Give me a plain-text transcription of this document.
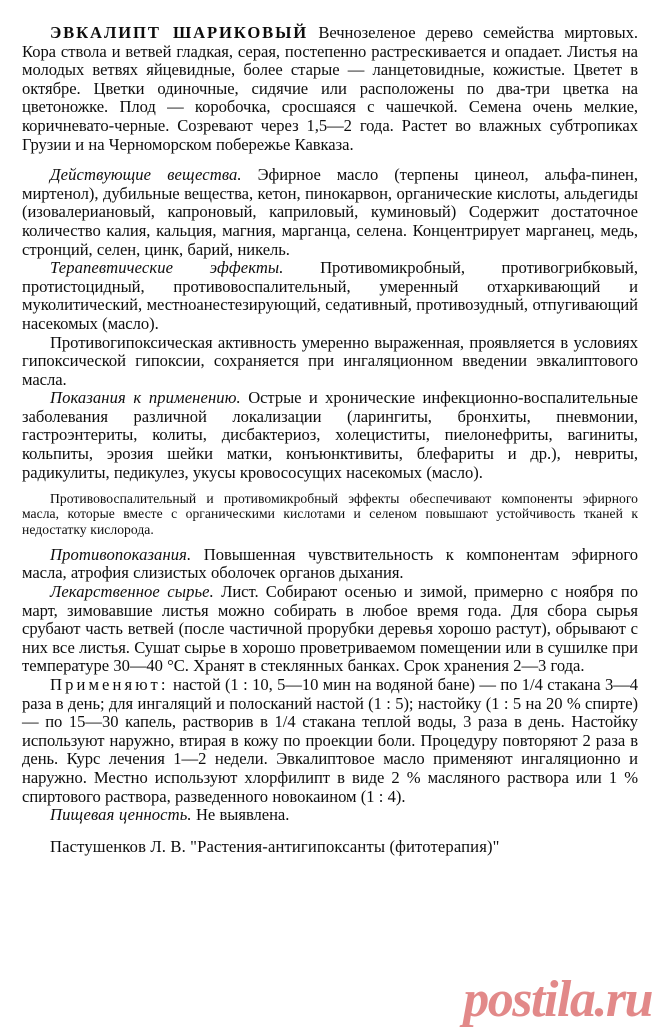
ЭВКАЛИПТ ШАРИКОВЫЙ Вечнозеленое дерево семейства миртовых. Кора ствола и ветвей гладкая, серая, постепенно растрескивается и опадает. Листья на молодых ветвях яйцевидные, более старые — ланцетовидные, кожистые. Цветет в октябре. Цветки одиночные, сидячие или расположены по два-три цветка на цветоножке. Плод — коробочка, сросшаяся с чашечкой. Семена очень мелкие, коричневато-черные. Созревают через 1,5—2 года. Растет во влажных субтропиках Грузии и на Черноморском побережье Кавказа.

Действующие вещества. Эфирное масло (терпены цинеол, альфа-пинен, миртенол), дубильные вещества, кетон, пинокарвон, органические кислоты, альдегиды (изовалериановый, капроновый, каприловый, куминовый) Содержит достаточное количество калия, кальция, магния, марганца, селена. Концентрирует марганец, медь, стронций, селен, цинк, барий, никель.

Терапевтические эффекты. Противомикробный, противогрибковый, протистоцидный, противовоспалительный, умеренный отхаркивающий и муколитический, местноанестезирующий, седативный, противозудный, отпугивающий насекомых (масло).

Противогипоксическая активность умеренно выраженная, проявляется в условиях гипоксической гипоксии, сохраняется при ингаляционном введении эвкалиптового масла.

Показания к применению. Острые и хронические инфекционно-воспалительные заболевания различной локализации (ларингиты, бронхиты, пневмонии, гастроэнтериты, колиты, дисбактериоз, холециститы, пиелонефриты, вагиниты, кольпиты, эрозия шейки матки, конъюнктивиты, блефариты и др.), невриты, радикулиты, педикулез, укусы кровососущих насекомых (масло).

Противовоспалительный и противомикробный эффекты обеспечивают компоненты эфирного масла, которые вместе с органическими кислотами и селеном повышают устойчивость тканей к недостатку кислорода.

Противопоказания. Повышенная чувствительность к компонентам эфирного масла, атрофия слизистых оболочек органов дыхания.

Лекарственное сырье. Лист. Собирают осенью и зимой, примерно с ноября по март, зимовавшие листья можно собирать в любое время года. Для сбора сырья срубают часть ветвей (после частичной прорубки деревья хорошо растут), обрывают с них все листья. Сушат сырье в хорошо проветриваемом помещении или в сушилке при температуре 30—40 °С. Хранят в стеклянных банках. Срок хранения 2—3 года.

Применяют: настой (1 : 10, 5—10 мин на водяной бане) — по 1/4 стакана 3—4 раза в день; для ингаляций и полосканий настой (1 : 5); настойку (1 : 5 на 20 % спирте) — по 15—30 капель, растворив в 1/4 стакана теплой воды, 3 раза в день. Настойку используют наружно, втирая в кожу по проекции боли. Процедуру повторяют 2 раза в день. Курс лечения 1—2 недели. Эвкалиптовое масло применяют ингаляционно и наружно. Местно используют хлорфилипт в виде 2 % масляного раствора или 1 % спиртового раствора, разведенного новокаином (1 : 4).

Пищевая ценность. Не выявлена.

Пастушенков Л. В. "Растения-антигипоксанты (фитотерапия)"

postila.ru
